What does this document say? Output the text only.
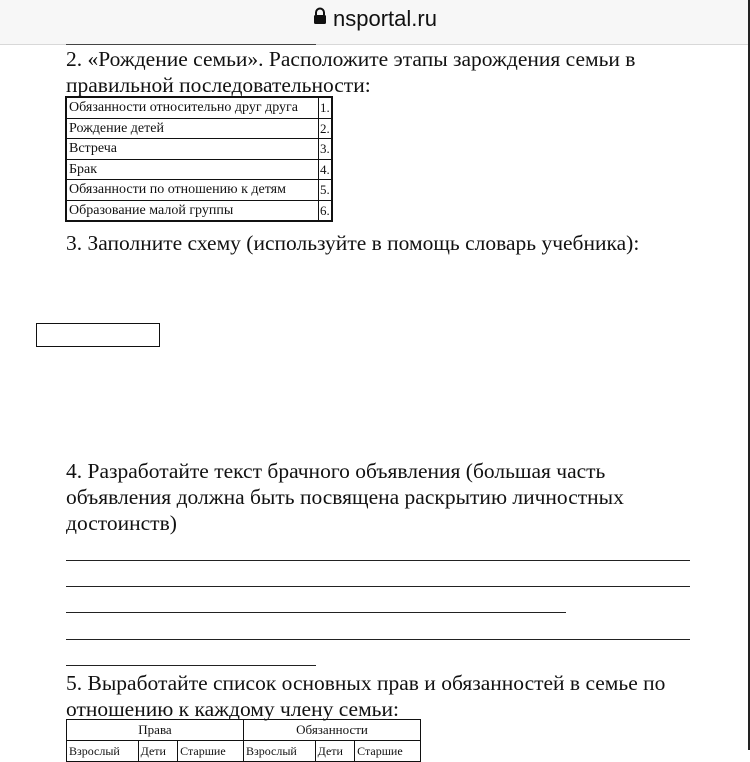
nsportal.ru

2. «Рождение семьи». Расположите этапы зарождения семьи в правильной последовательности:

Обязанности относительно друг друга	1.
Рождение детей	2.
Встреча	3.
Брак	4.
Обязанности по отношению к детям	5.
Образование малой группы	6.

3. Заполните схему (используйте в помощь словарь учебника):

4. Разработайте текст брачного объявления (большая часть объявления должна быть посвящена раскрытию личностных достоинств)

5. Выработайте список основных прав и обязанностей в семье по отношению к каждому члену семьи:

Права			Обязанности		
Взрослый	Дети	Старшие	Взрослый	Дети	Старшие
